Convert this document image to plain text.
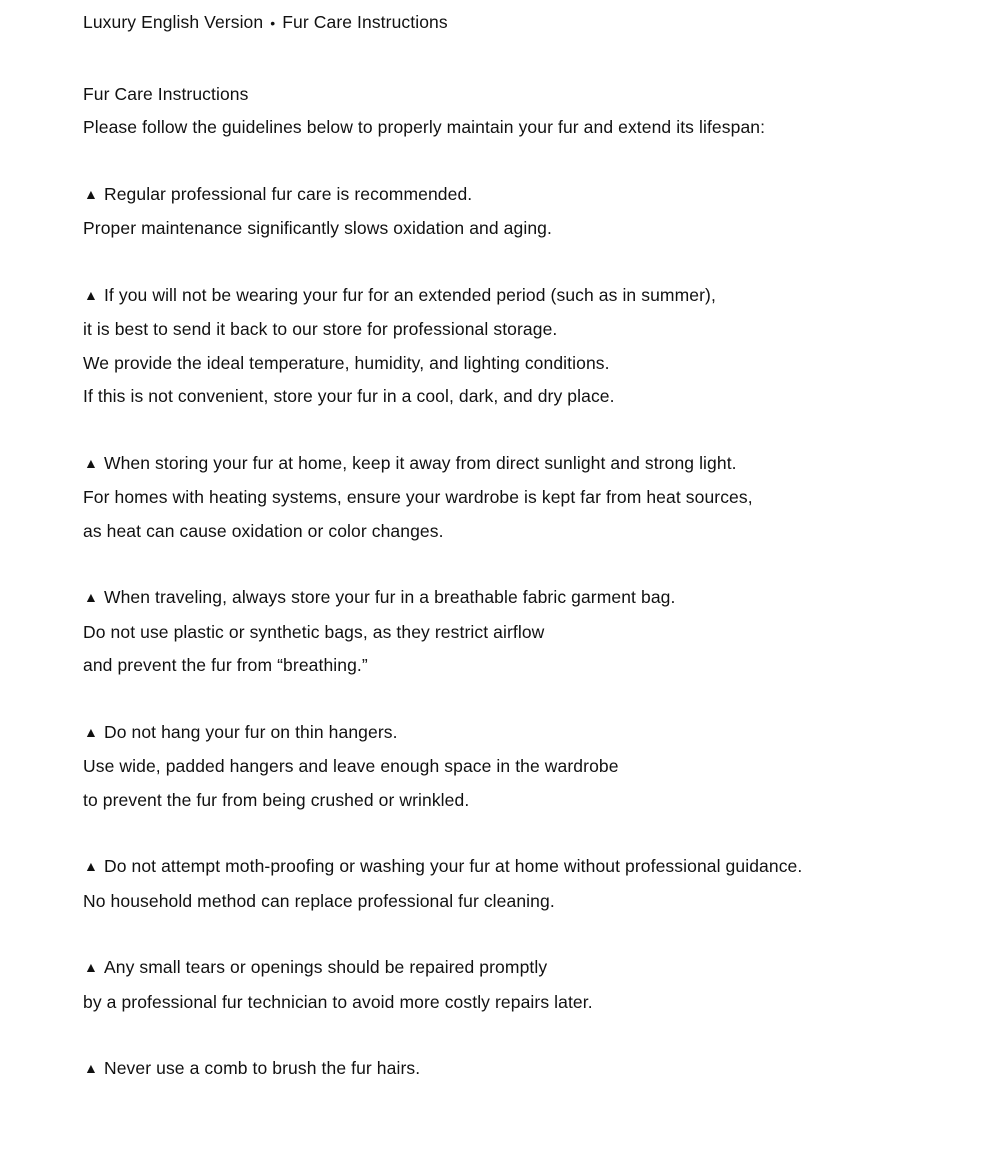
Luxury English Version • Fur Care Instructions
Fur Care Instructions
Please follow the guidelines below to properly maintain your fur and extend its lifespan:
▲ Regular professional fur care is recommended.
Proper maintenance significantly slows oxidation and aging.
▲ If you will not be wearing your fur for an extended period (such as in summer),
it is best to send it back to our store for professional storage.
We provide the ideal temperature, humidity, and lighting conditions.
If this is not convenient, store your fur in a cool, dark, and dry place.
▲ When storing your fur at home, keep it away from direct sunlight and strong light.
For homes with heating systems, ensure your wardrobe is kept far from heat sources,
as heat can cause oxidation or color changes.
▲ When traveling, always store your fur in a breathable fabric garment bag.
Do not use plastic or synthetic bags, as they restrict airflow
and prevent the fur from “breathing.”
▲ Do not hang your fur on thin hangers.
Use wide, padded hangers and leave enough space in the wardrobe
to prevent the fur from being crushed or wrinkled.
▲ Do not attempt moth-proofing or washing your fur at home without professional guidance.
No household method can replace professional fur cleaning.
▲ Any small tears or openings should be repaired promptly
by a professional fur technician to avoid more costly repairs later.
▲ Never use a comb to brush the fur hairs.
